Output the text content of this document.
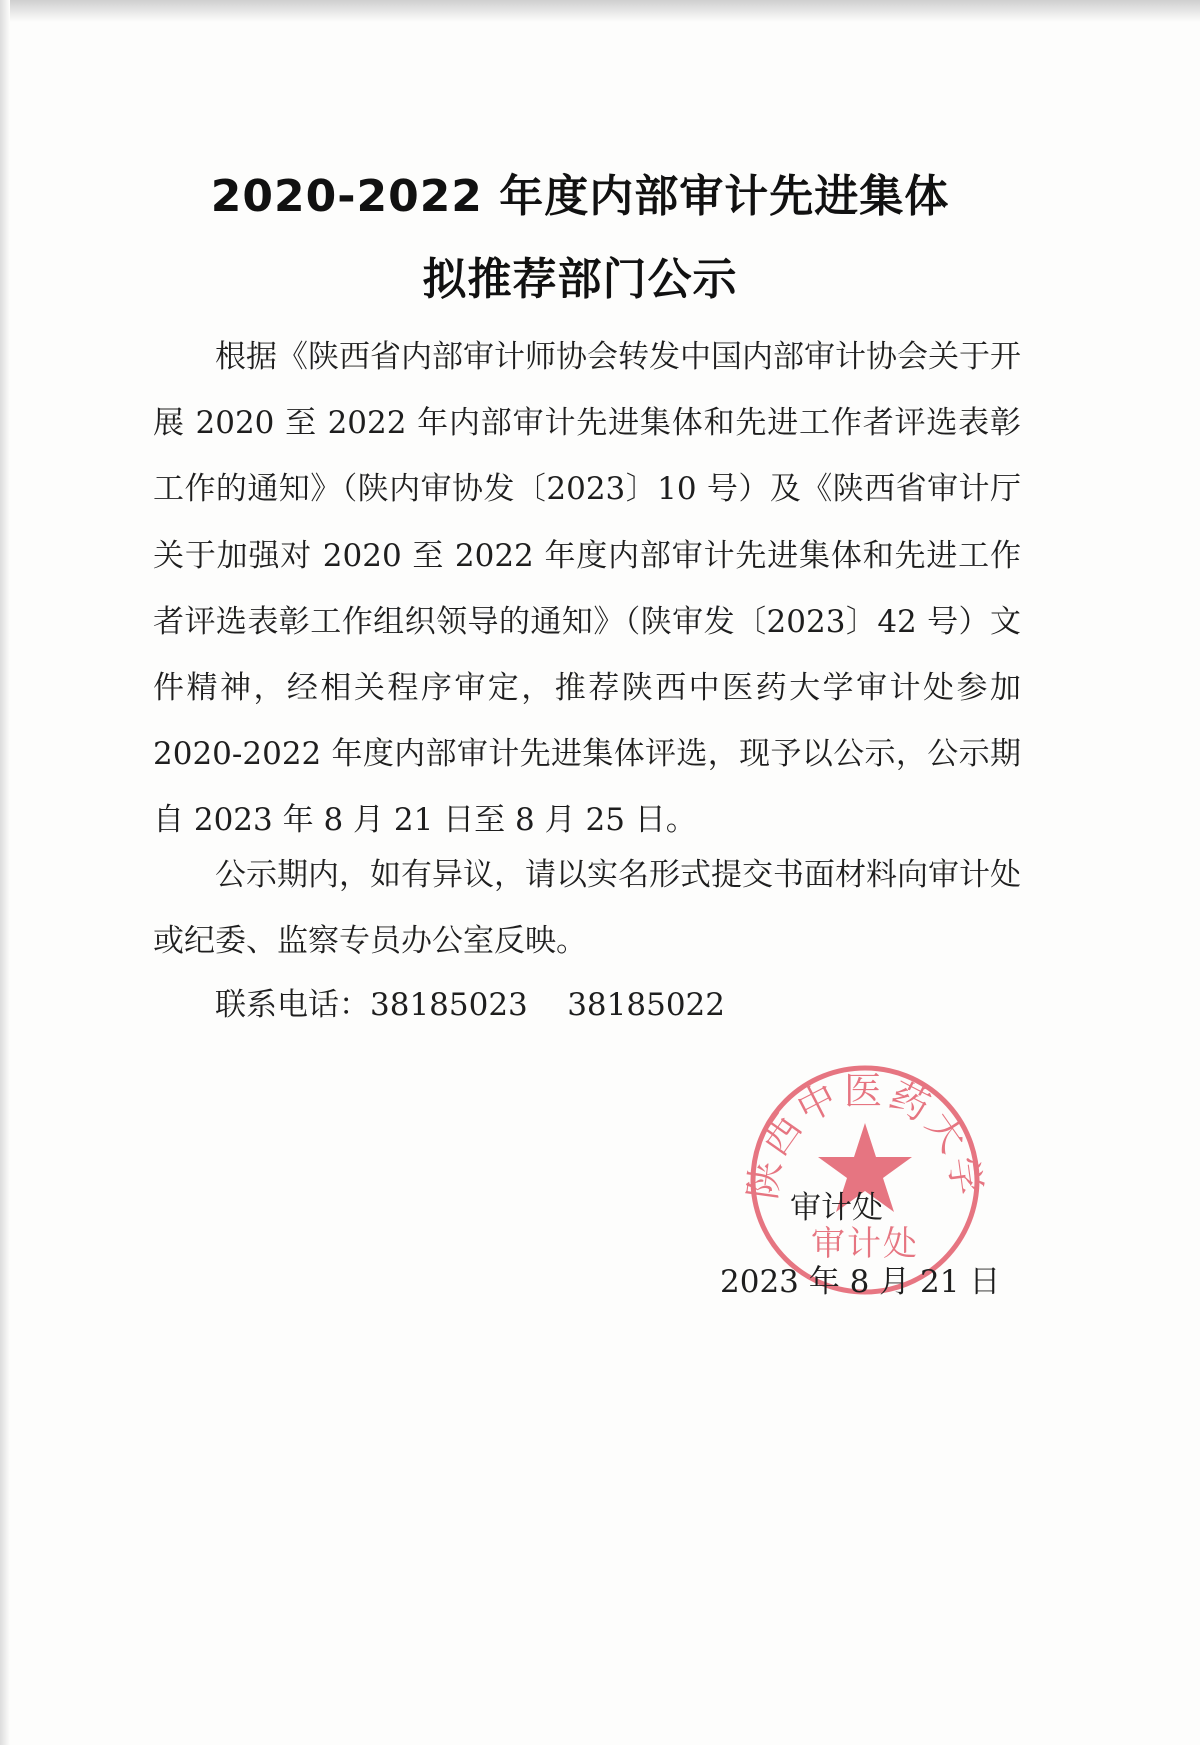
2020-2022 年度内部审计先进集体
拟推荐部门公示

根据《陕西省内部审计师协会转发中国内部审计协会关于开展 2020 至 2022 年内部审计先进集体和先进工作者评选表彰工作的通知》（陕内审协发〔2023〕10 号）及《陕西省审计厅关于加强对 2020 至 2022 年度内部审计先进集体和先进工作者评选表彰工作组织领导的通知》（陕审发〔2023〕42 号）文件精神，经相关程序审定，推荐陕西中医药大学审计处参加 2020-2022 年度内部审计先进集体评选，现予以公示，公示期自 2023 年 8 月 21 日至 8 月 25 日。

公示期内，如有异议，请以实名形式提交书面材料向审计处或纪委、监察专员办公室反映。

联系电话：38185023    38185022
陕西中医药大学
审计处
审计处
2023 年 8 月 21 日
